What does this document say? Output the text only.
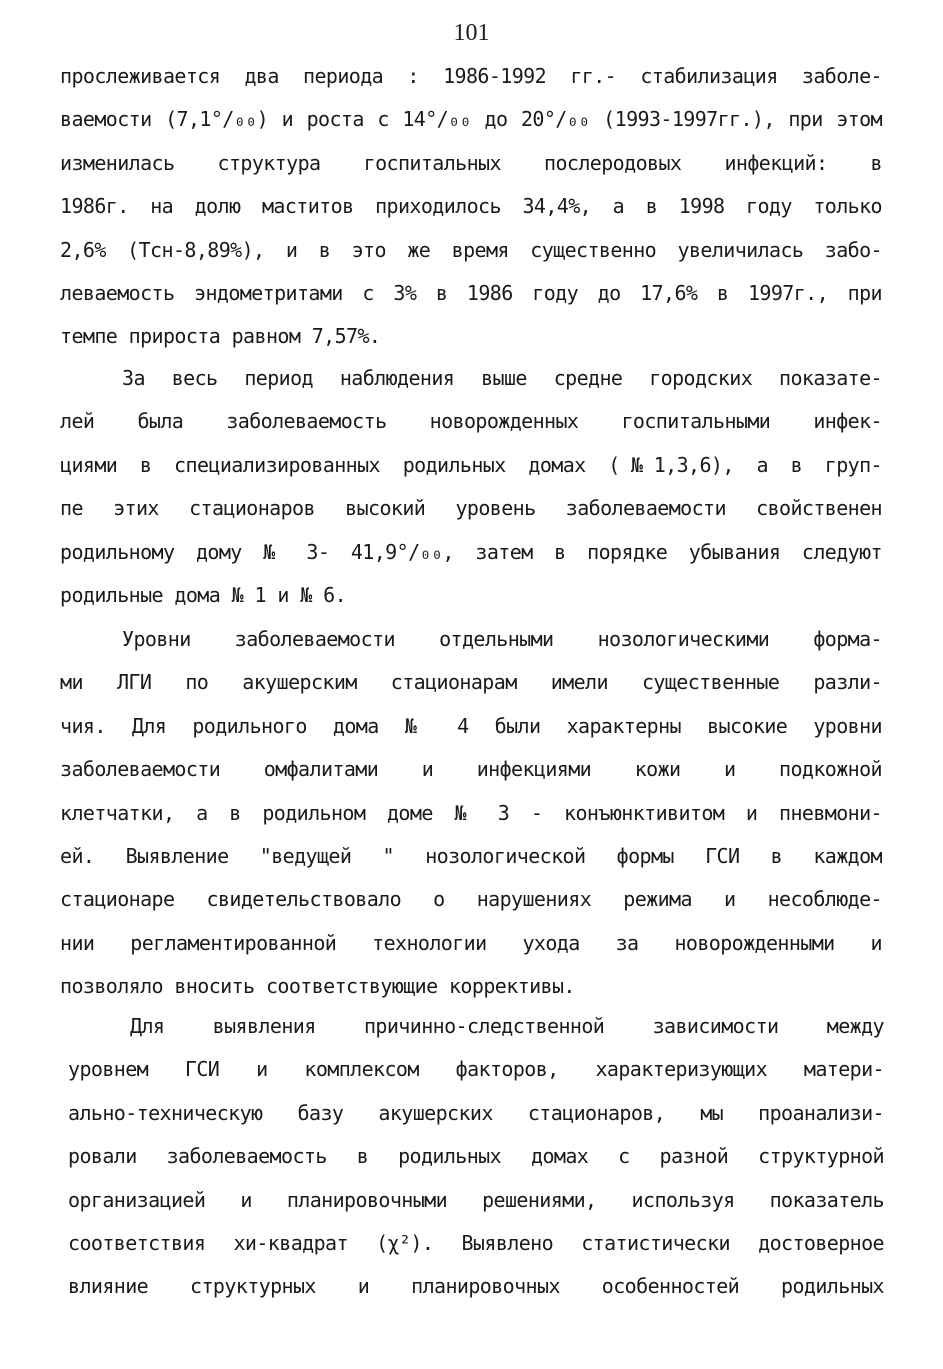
101
прослеживается два периода : 1986-1992 гг.- стабилизация заболе-
ваемости (7,1°/₀₀) и роста с 14°/₀₀ до 20°/₀₀ (1993-1997гг.), при этом
изменилась структура госпитальных послеродовых инфекций: в
1986г. на долю маститов приходилось 34,4%, а в 1998 году только
2,6% (Тсн-8,89%), и в это же время существенно увеличилась забо-
леваемость эндометритами с 3% в 1986 году до 17,6% в 1997г., при
темпе прироста равном 7,57%.
За весь период наблюдения выше средне городских показате-
лей была заболеваемость новорожденных госпитальными инфек-
циями в специализированных родильных домах (№1,3,6), а в груп-
пе этих стационаров высокий уровень заболеваемости свойственен
родильному дому № 3- 41,9°/₀₀, затем в порядке убывания следуют
родильные дома № 1 и № 6.
Уровни заболеваемости отдельными нозологическими форма-
ми ЛГИ по акушерским стационарам имели существенные разли-
чия. Для родильного дома № 4 были характерны высокие уровни
заболеваемости омфалитами и инфекциями кожи и подкожной
клетчатки, а в родильном доме № 3 - конъюнктивитом и пневмони-
ей. Выявление "ведущей " нозологической формы ГСИ в каждом
стационаре свидетельствовало о нарушениях режима и несоблюде-
нии регламентированной технологии ухода за новорожденными и
позволяло вносить соответствующие коррективы.
Для выявления причинно-следственной зависимости между
уровнем ГСИ и комплексом факторов, характеризующих матери-
ально-техническую базу акушерских стационаров, мы проанализи-
ровали заболеваемость в родильных домах с разной структурной
организацией и планировочными решениями, используя показатель
соответствия хи-квадрат (χ²). Выявлено статистически достоверное
влияние структурных и планировочных особенностей родильных
